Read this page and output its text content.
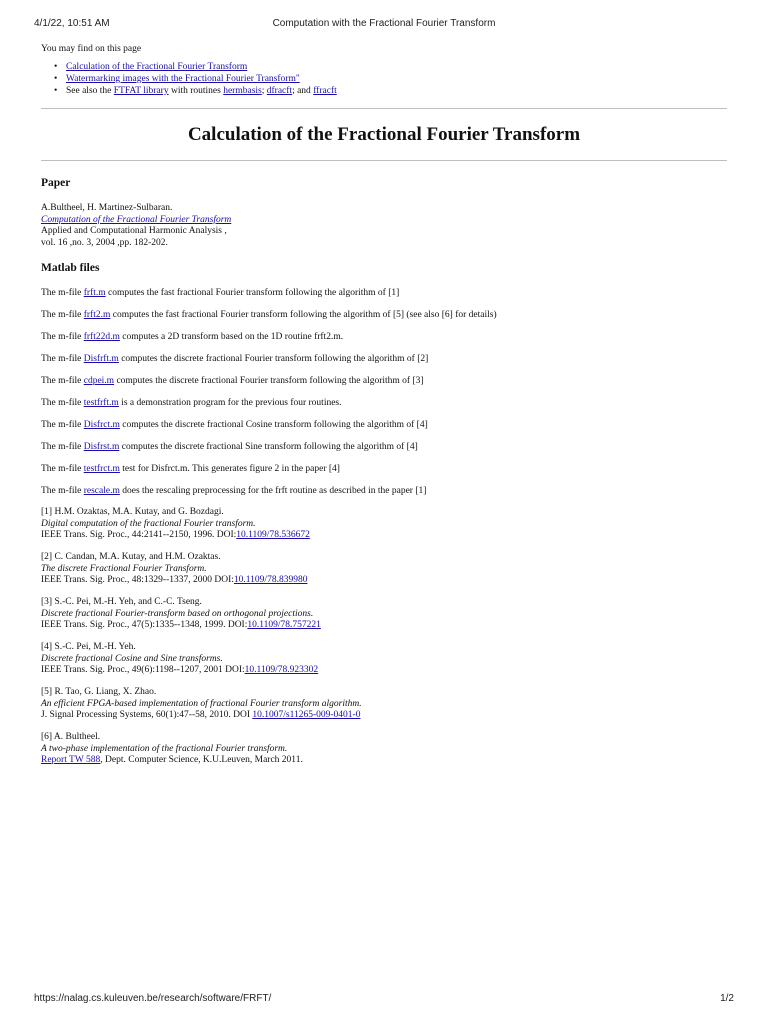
4/1/22, 10:51 AM	Computation with the Fractional Fourier Transform
You may find on this page
• Calculation of the Fractional Fourier Transform
• Watermarking images with the Fractional Fourier Transform"
• See also the FTFAT library with routines hermbasis; dfracft; and ffracft
Calculation of the Fractional Fourier Transform
Paper
A.Bultheel, H. Martinez-Sulbaran.
Computation of the Fractional Fourier Transform
Applied and Computational Harmonic Analysis ,
vol. 16 ,no. 3, 2004 ,pp. 182-202.
Matlab files
The m-file frft.m computes the fast fractional Fourier transform following the algorithm of [1]
The m-file frft2.m computes the fast fractional Fourier transform following the algorithm of [5] (see also [6] for details)
The m-file frft22d.m computes a 2D transform based on the 1D routine frft2.m.
The m-file Disfrft.m computes the discrete fractional Fourier transform following the algorithm of [2]
The m-file cdpei.m computes the discrete fractional Fourier transform following the algorithm of [3]
The m-file testfrft.m is a demonstration program for the previous four routines.
The m-file Disfrct.m computes the discrete fractional Cosine transform following the algorithm of [4]
The m-file Disfrst.m computes the discrete fractional Sine transform following the algorithm of [4]
The m-file testfrct.m test for Disfrct.m. This generates figure 2 in the paper [4]
The m-file rescale.m does the rescaling preprocessing for the frft routine as described in the paper [1]
[1] H.M. Ozaktas, M.A. Kutay, and G. Bozdagi.
Digital computation of the fractional Fourier transform.
IEEE Trans. Sig. Proc., 44:2141--2150, 1996. DOI:10.1109/78.536672
[2] C. Candan, M.A. Kutay, and H.M. Ozaktas.
The discrete Fractional Fourier Transform.
IEEE Trans. Sig. Proc., 48:1329--1337, 2000 DOI:10.1109/78.839980
[3] S.-C. Pei, M.-H. Yeh, and C.-C. Tseng.
Discrete fractional Fourier-transform based on orthogonal projections.
IEEE Trans. Sig. Proc., 47(5):1335--1348, 1999. DOI:10.1109/78.757221
[4] S.-C. Pei, M.-H. Yeh.
Discrete fractional Cosine and Sine transforms.
IEEE Trans. Sig. Proc., 49(6):1198--1207, 2001 DOI:10.1109/78.923302
[5] R. Tao, G. Liang, X. Zhao.
An efficient FPGA-based implementation of fractional Fourier transform algorithm.
J. Signal Processing Systems, 60(1):47--58, 2010. DOI 10.1007/s11265-009-0401-0
[6] A. Bultheel.
A two-phase implementation of the fractional Fourier transform.
Report TW 588, Dept. Computer Science, K.U.Leuven, March 2011.
https://nalag.cs.kuleuven.be/research/software/FRFT/	1/2
